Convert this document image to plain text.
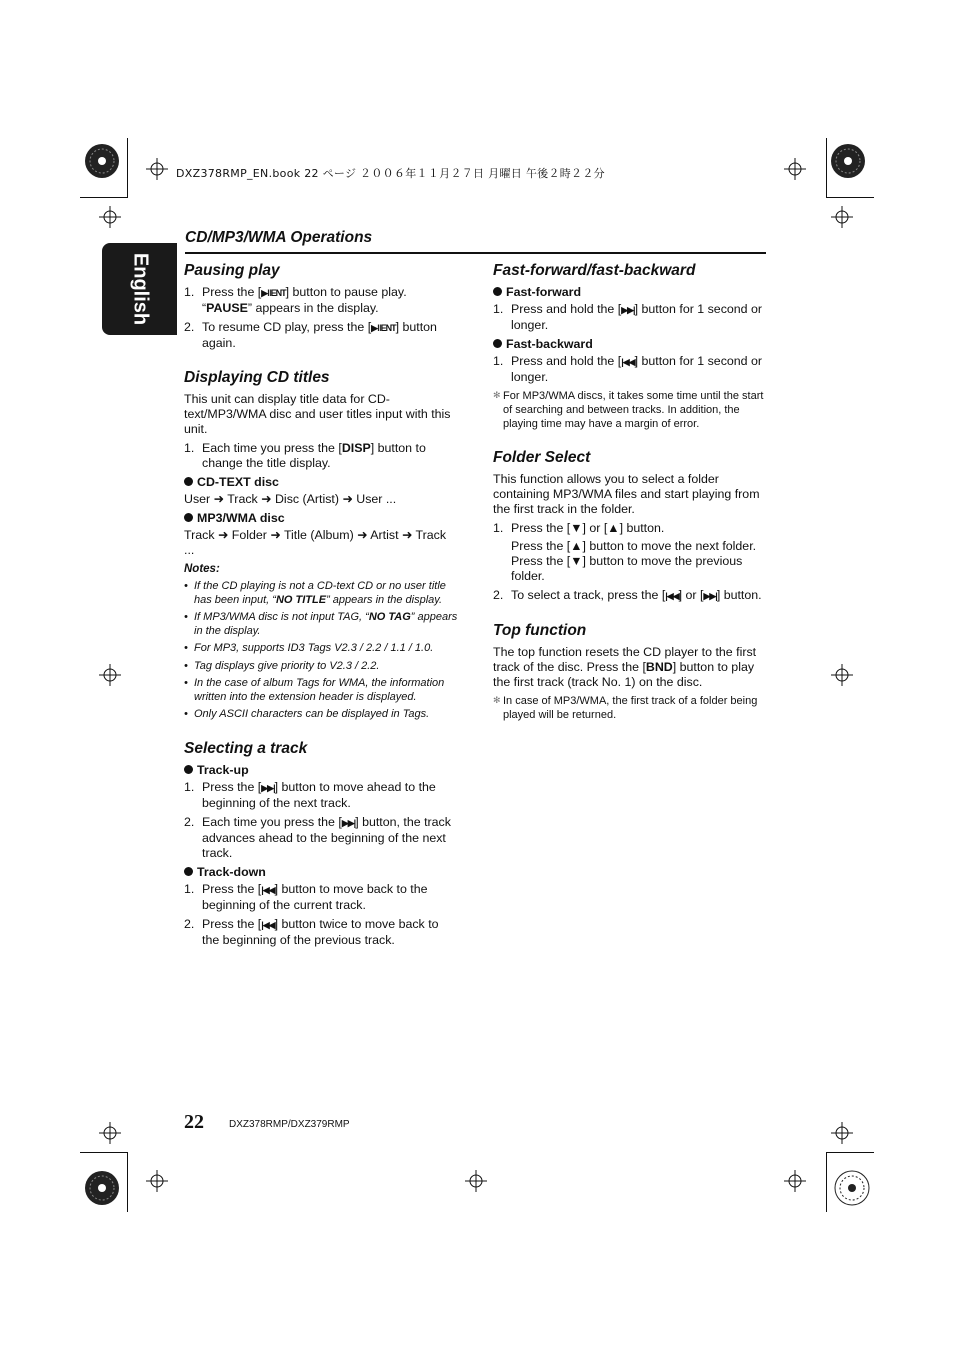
DXZ378RMP_EN.book 22 ページ ２００６年１１月２７日 月曜日 午後２時２２分
English
CD/MP3/WMA Operations
Pausing play
1. Press the [▶‖ENT] button to pause play.
“PAUSE” appears in the display.
2. To resume CD play, press the [▶‖ENT] button again.
Displaying CD titles
This unit can display title data for CD-text/MP3/WMA disc and user titles input with this unit.
1. Each time you press the [DISP] button to change the title display.
CD-TEXT disc
User ➜ Track ➜ Disc (Artist) ➜ User ...
MP3/WMA disc
Track ➜ Folder ➜ Title (Album) ➜ Artist ➜ Track ...
Notes:
• If the CD playing is not a CD-text CD or no user title has been input, “NO TITLE” appears in the display.
• If MP3/WMA disc is not input TAG, “NO TAG” appears in the display.
• For MP3, supports ID3 Tags V2.3 / 2.2 / 1.1 / 1.0.
• Tag displays give priority to V2.3 / 2.2.
• In the case of album Tags for WMA, the information written into the extension header is displayed.
• Only ASCII characters can be displayed in Tags.
Selecting a track
Track-up
1. Press the [▶▶|] button to move ahead to the beginning of the next track.
2. Each time you press the [▶▶|] button, the track advances ahead to the beginning of the next track.
Track-down
1. Press the [|◀◀] button to move back to the beginning of the current track.
2. Press the [|◀◀] button twice to move back to the beginning of the previous track.
Fast-forward/fast-backward
Fast-forward
1. Press and hold the [▶▶|] button for 1 second or longer.
Fast-backward
1. Press and hold the [|◀◀] button for 1 second or longer.
✻ For MP3/WMA discs, it takes some time until the start of searching and between tracks. In addition, the playing time may have a margin of error.
Folder Select
This function allows you to select a folder containing MP3/WMA files and start playing from the first track in the folder.
1. Press the [▼] or [▲] button.
Press the [▲] button to move the next folder. Press the [▼] button to move the previous folder.
2. To select a track, press the [|◀◀] or [▶▶|] button.
Top function
The top function resets the CD player to the first track of the disc. Press the [BND] button to play the first track (track No. 1) on the disc.
✻ In case of MP3/WMA, the first track of a folder being played will be returned.
22	DXZ378RMP/DXZ379RMP
